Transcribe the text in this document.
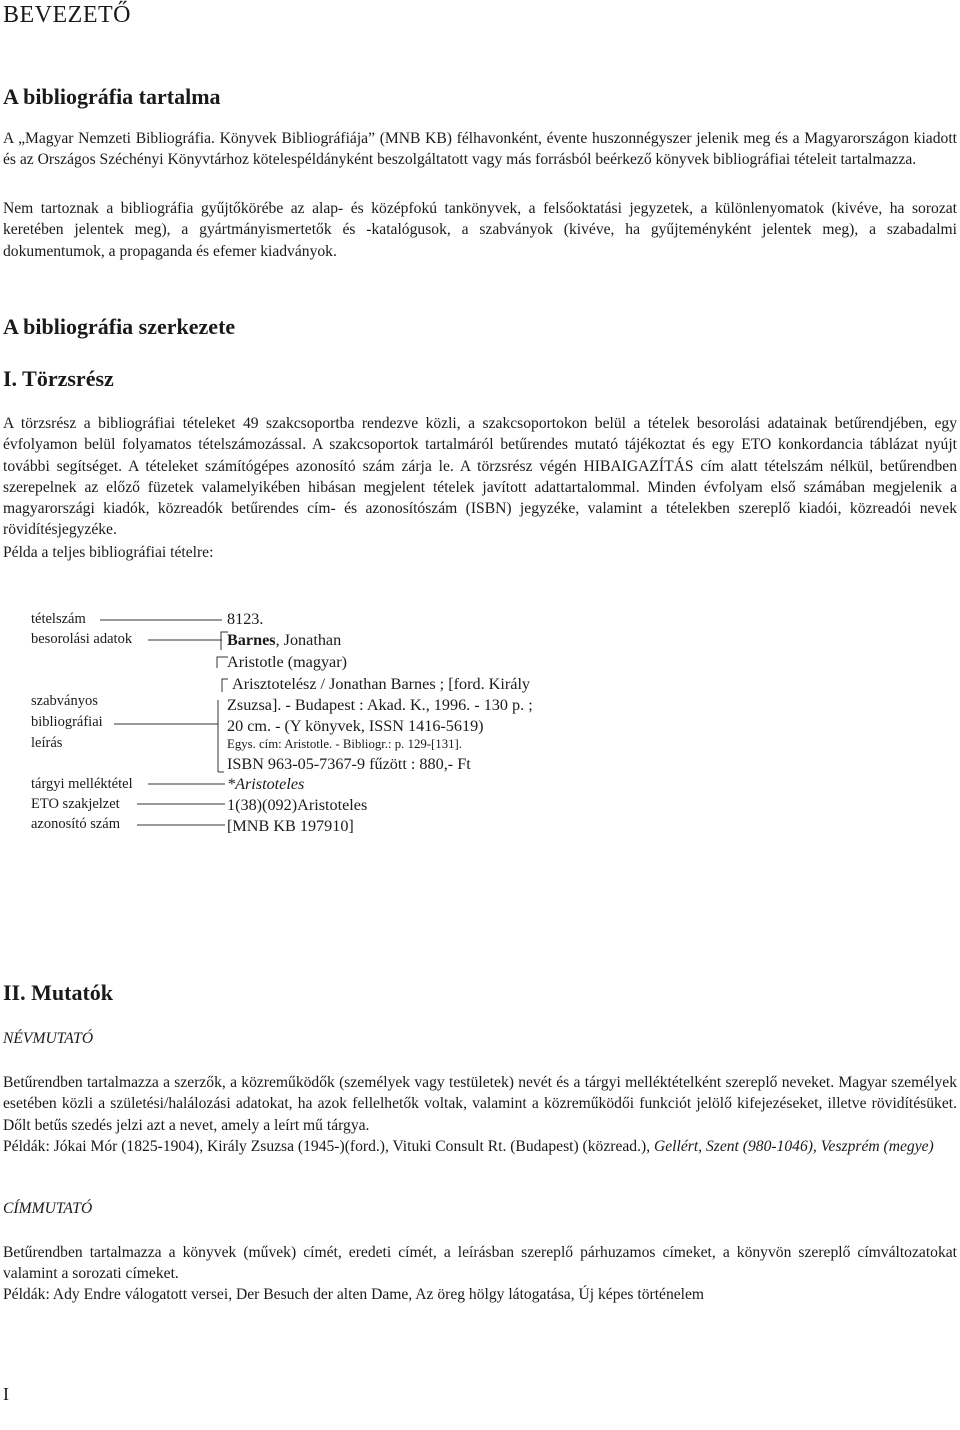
BEVEZETŐ
A bibliográfia tartalma

A „Magyar Nemzeti Bibliográfia. Könyvek Bibliográfiája” (MNB KB) félhavonként, évente huszonnégyszer jelenik meg és a Magyarországon kiadott és az Országos Széchényi Könyvtárhoz kötelespéldányként beszolgáltatott vagy más forrásból beérkező könyvek bibliográfiai tételeit tartalmazza.

Nem tartoznak a bibliográfia gyűjtőkörébe az alap- és középfokú tankönyvek, a felsőoktatási jegyzetek, a különlenyomatok (kivéve, ha sorozat keretében jelentek meg), a gyártmányismertetők és -katalógusok, a szabványok (kivéve, ha gyűjteményként jelentek meg), a szabadalmi dokumentumok, a propaganda és efemer kiadványok.

A bibliográfia szerkezete
I. Törzsrész

A törzsrész a bibliográfiai tételeket 49 szakcsoportba rendezve közli, a szakcsoportokon belül a tételek besorolási adatainak betűrendjében, egy évfolyamon belül folyamatos tételszámozással. A szakcsoportok tartalmáról betűrendes mutató tájékoztat és egy ETO konkordancia táblázat nyújt további segítséget. A tételeket számítógépes azonosító szám zárja le. A törzsrész végén HIBAIGAZÍTÁS cím alatt tételszám nélkül, betűrendben szerepelnek az előző füzetek valamelyikében hibásan megjelent tételek javított adattartalommal. Minden évfolyam első számában megjelenik a magyarországi kiadók, közreadók betűrendes cím- és azonosítószám (ISBN) jegyzéke, valamint a tételekben szereplő kiadói, közreadói nevek rövidítésjegyzéke.

Példa a teljes bibliográfiai tételre:

tételszám
besorolási adatok
szabványos
bibliográfiai
leírás
tárgyi melléktétel
ETO szakjelzet
azonosító szám
8123.
Barnes, Jonathan
Aristotle (magyar)
Arisztotelész / Jonathan Barnes ; [ford. Király
Zsuzsa]. - Budapest : Akad. K., 1996. - 130 p. ;
20 cm. - (Y könyvek, ISSN 1416-5619)
Egys. cím: Aristotle. - Bibliogr.: p. 129-[131].
ISBN 963-05-7367-9 fűzött : 880,- Ft
*Aristoteles
1(38)(092)Aristoteles
[MNB KB 197910]
II. Mutatók

NÉVMUTATÓ

Betűrendben tartalmazza a szerzők, a közreműködők (személyek vagy testületek) nevét és a tárgyi melléktételként szereplő neveket. Magyar személyek esetében közli a születési/halálozási adatokat, ha azok fellelhetők voltak, valamint a közreműködői funkciót jelölő kifejezéseket, illetve rövidítésüket. Dőlt betűs szedés jelzi azt a nevet, amely a leírt mű tárgya.

Példák: Jókai Mór (1825-1904), Király Zsuzsa (1945-)(ford.), Vituki Consult Rt. (Budapest) (közread.), Gellért, Szent (980-1046), Veszprém (megye)

CÍMMUTATÓ

Betűrendben tartalmazza a könyvek (művek) címét, eredeti címét, a leírásban szereplő párhuzamos címeket, a könyvön szereplő címváltozatokat valamint a sorozati címeket.

Példák: Ady Endre válogatott versei, Der Besuch der alten Dame, Az öreg hölgy látogatása, Új képes történelem

I
